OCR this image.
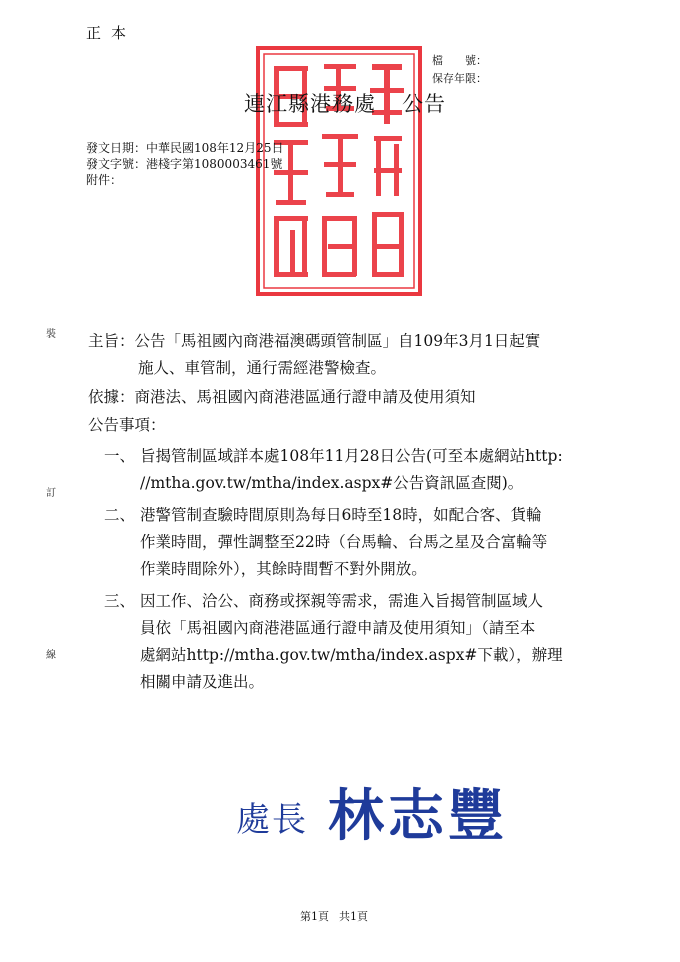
正本
檔　　號：
保存年限：
連江縣港務處 公告
發文日期：中華民國108年12月25日
發文字號：港棧字第1080003461號
附件：
裝
訂
線
主旨：公告「馬祖國內商港福澳碼頭管制區」自109年3月1日起實
施人、車管制，通行需經港警檢查。
依據：商港法、馬祖國內商港港區通行證申請及使用須知
公告事項：
一、 旨揭管制區域詳本處108年11月28日公告(可至本處網站http:
//mtha.gov.tw/mtha/index.aspx#公告資訊區查閱)。
二、 港警管制查驗時間原則為每日6時至18時，如配合客、貨輪
作業時間，彈性調整至22時（台馬輪、台馬之星及合富輪等
作業時間除外），其餘時間暫不對外開放。
三、 因工作、洽公、商務或探親等需求，需進入旨揭管制區域人
員依「馬祖國內商港港區通行證申請及使用須知」（請至本
處網站http://mtha.gov.tw/mtha/index.aspx#下載），辦理
相關申請及進出。
處長 林志豐
第1頁 共1頁
